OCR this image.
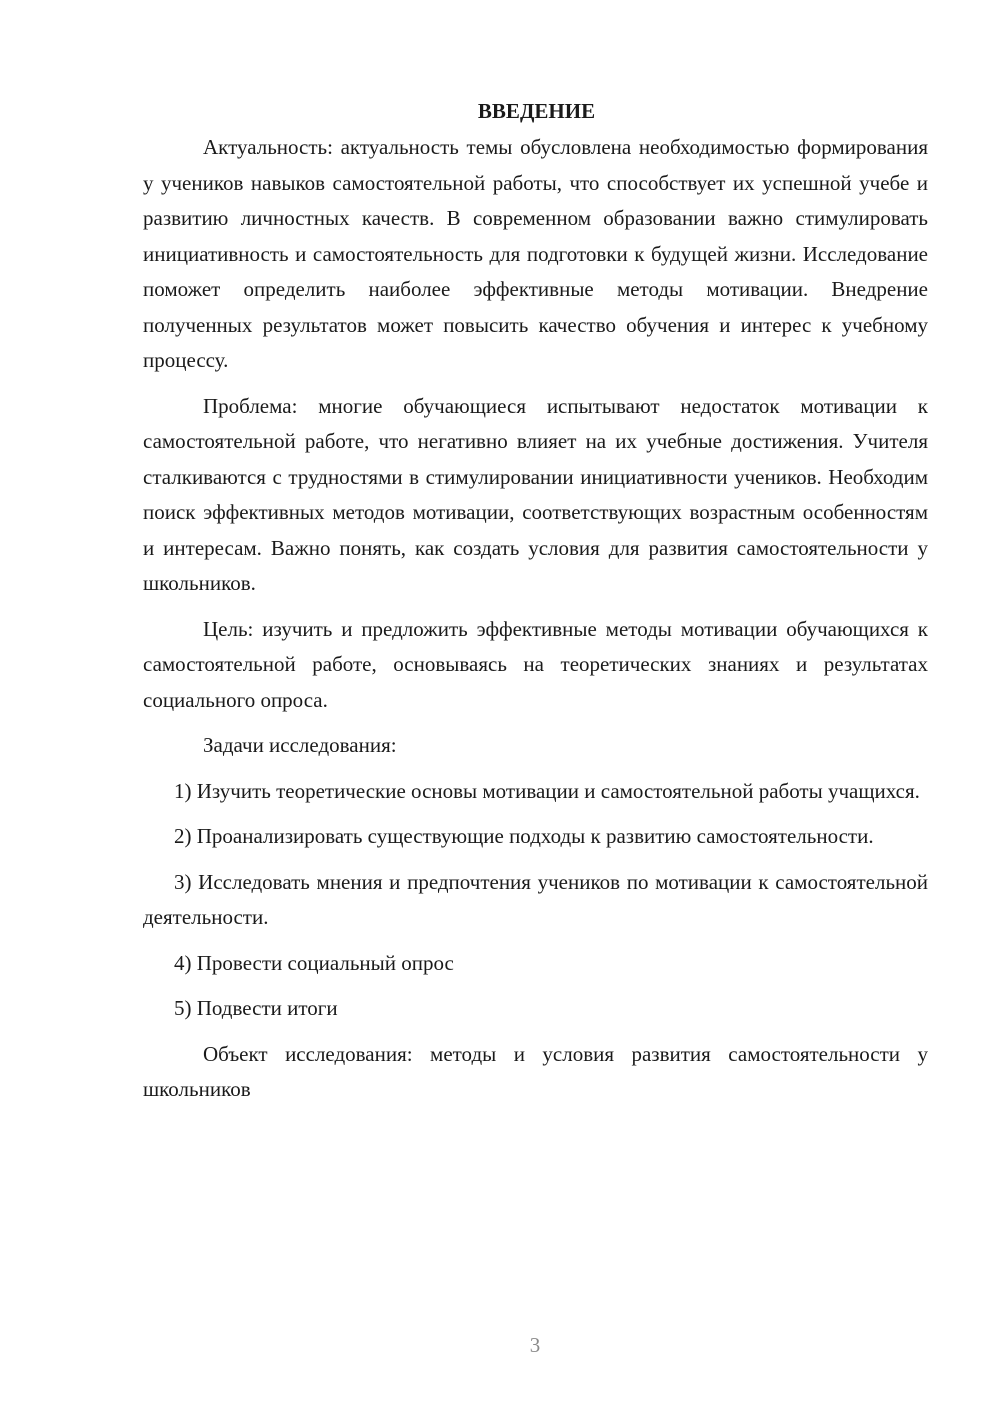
ВВЕДЕНИЕ

Актуальность: актуальность темы обусловлена необходимостью формирования у учеников навыков самостоятельной работы, что способствует их успешной учебе и развитию личностных качеств. В современном образовании важно стимулировать инициативность и самостоятельность для подготовки к будущей жизни. Исследование поможет определить наиболее эффективные методы мотивации. Внедрение полученных результатов может повысить качество обучения и интерес к учебному процессу.

Проблема: многие обучающиеся испытывают недостаток мотивации к самостоятельной работе, что негативно влияет на их учебные достижения. Учителя сталкиваются с трудностями в стимулировании инициативности учеников. Необходим поиск эффективных методов мотивации, соответствующих возрастным особенностям и интересам. Важно понять, как создать условия для развития самостоятельности у школьников.

Цель: изучить и предложить эффективные методы мотивации обучающихся к самостоятельной работе, основываясь на теоретических знаниях и результатах социального опроса.

Задачи исследования:

1) Изучить теоретические основы мотивации и самостоятельной работы учащихся.

2) Проанализировать существующие подходы к развитию самостоятельности.

3) Исследовать мнения и предпочтения учеников по мотивации к самостоятельной деятельности.

4) Провести социальный опрос

5) Подвести итоги

Объект исследования: методы и условия развития самостоятельности у школьников

3
